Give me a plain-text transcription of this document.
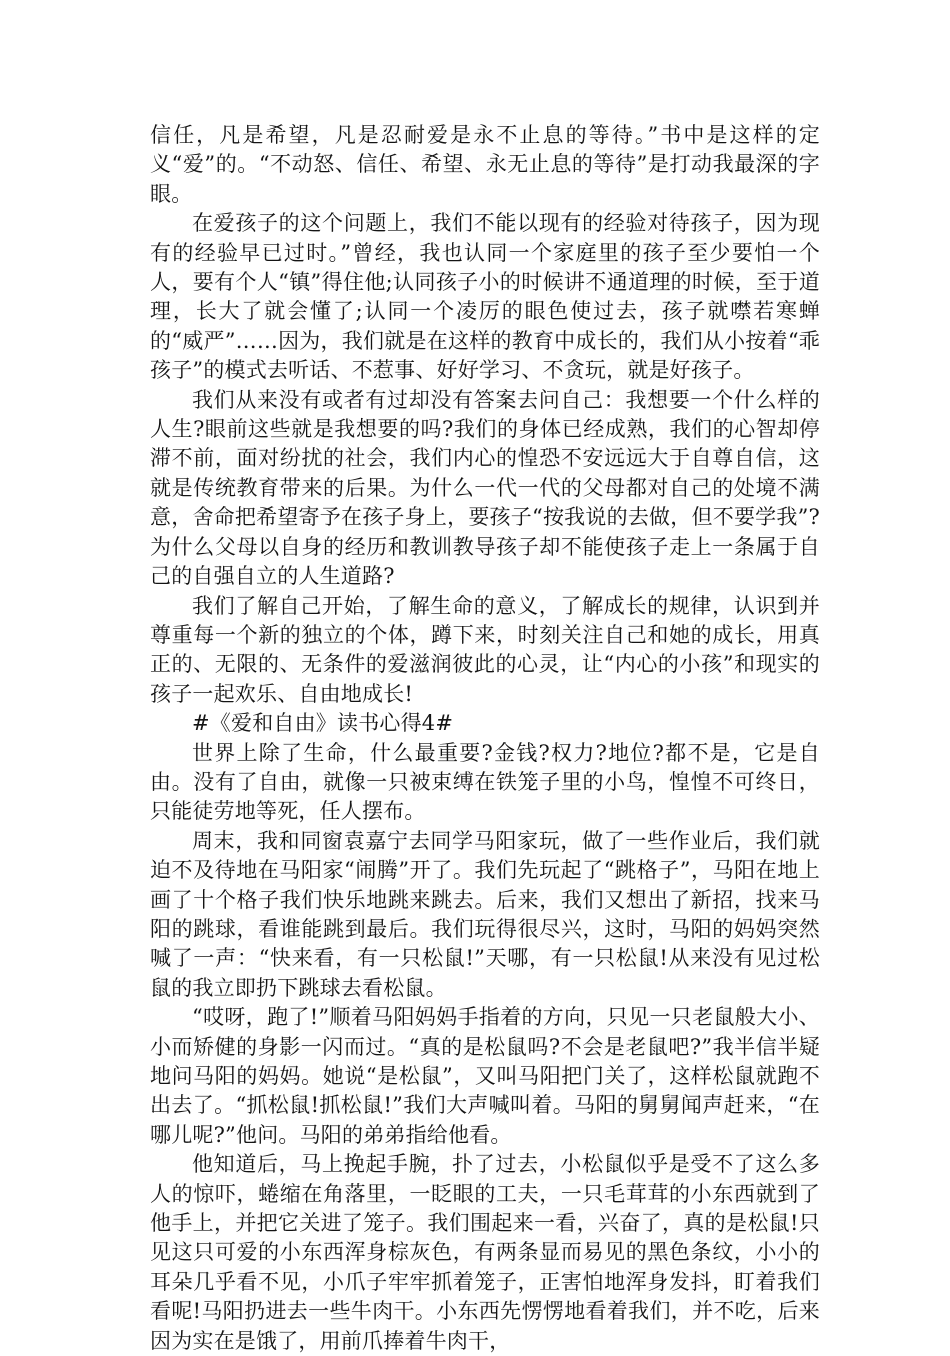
信任，凡是希望，凡是忍耐爱是永不止息的等待。”书中是这样的定义“爱”的。“不动怒、信任、希望、永无止息的等待”是打动我最深的字眼。

在爱孩子的这个问题上，我们不能以现有的经验对待孩子，因为现有的经验早已过时。”曾经，我也认同一个家庭里的孩子至少要怕一个人，要有个人“镇”得住他;认同孩子小的时候讲不通道理的时候，至于道理，长大了就会懂了;认同一个凌厉的眼色使过去，孩子就噤若寒蝉的“威严”……因为，我们就是在这样的教育中成长的，我们从小按着“乖孩子”的模式去听话、不惹事、好好学习、不贪玩，就是好孩子。

我们从来没有或者有过却没有答案去问自己：我想要一个什么样的人生?眼前这些就是我想要的吗?我们的身体已经成熟，我们的心智却停滞不前，面对纷扰的社会，我们内心的惶恐不安远远大于自尊自信，这就是传统教育带来的后果。为什么一代一代的父母都对自己的处境不满意，舍命把希望寄予在孩子身上，要孩子“按我说的去做，但不要学我”?为什么父母以自身的经历和教训教导孩子却不能使孩子走上一条属于自己的自强自立的人生道路?

我们了解自己开始，了解生命的意义，了解成长的规律，认识到并尊重每一个新的独立的个体，蹲下来，时刻关注自己和她的成长，用真正的、无限的、无条件的爱滋润彼此的心灵，让“内心的小孩”和现实的孩子一起欢乐、自由地成长!

#《爱和自由》读书心得4#

世界上除了生命，什么最重要?金钱?权力?地位?都不是，它是自由。没有了自由，就像一只被束缚在铁笼子里的小鸟，惶惶不可终日，只能徒劳地等死，任人摆布。

周末，我和同窗袁嘉宁去同学马阳家玩，做了一些作业后，我们就迫不及待地在马阳家“闹腾”开了。我们先玩起了“跳格子”，马阳在地上画了十个格子我们快乐地跳来跳去。后来，我们又想出了新招，找来马阳的跳球，看谁能跳到最后。我们玩得很尽兴，这时，马阳的妈妈突然喊了一声：“快来看，有一只松鼠!”天哪，有一只松鼠!从来没有见过松鼠的我立即扔下跳球去看松鼠。

“哎呀，跑了!”顺着马阳妈妈手指着的方向，只见一只老鼠般大小、小而矫健的身影一闪而过。“真的是松鼠吗?不会是老鼠吧?”我半信半疑地问马阳的妈妈。她说“是松鼠”，又叫马阳把门关了，这样松鼠就跑不出去了。“抓松鼠!抓松鼠!”我们大声喊叫着。马阳的舅舅闻声赶来，“在哪儿呢?”他问。马阳的弟弟指给他看。

他知道后，马上挽起手腕，扑了过去，小松鼠似乎是受不了这么多人的惊吓，蜷缩在角落里，一眨眼的工夫，一只毛茸茸的小东西就到了他手上，并把它关进了笼子。我们围起来一看，兴奋了，真的是松鼠!只见这只可爱的小东西浑身棕灰色，有两条显而易见的黑色条纹，小小的耳朵几乎看不见，小爪子牢牢抓着笼子，正害怕地浑身发抖，盯着我们看呢!马阳扔进去一些牛肉干。小东西先愣愣地看着我们，并不吃，后来因为实在是饿了，用前爪捧着牛肉干，
